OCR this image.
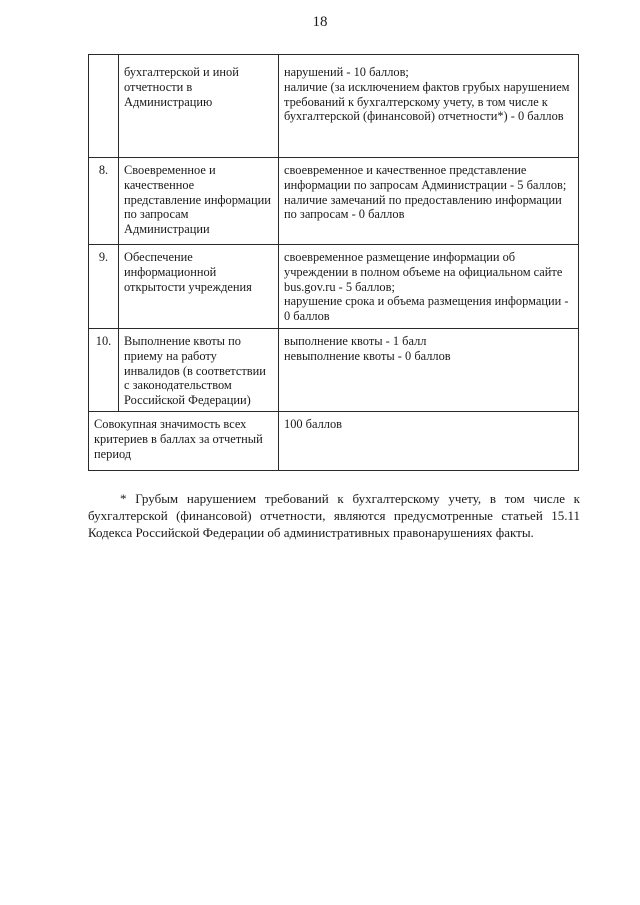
18
	бухгалтерской и иной
отчетности в
Администрацию	нарушений - 10 баллов;
наличие (за исключением фактов грубых нарушением требований к бухгалтерскому учету, в том числе к бухгалтерской (финансовой) отчетности*) - 0 баллов
8.	Своевременное и
качественное
представление информации
по запросам
Администрации	своевременное и качественное представление информации по запросам Администрации - 5 баллов;
наличие замечаний по предоставлению информации по запросам - 0 баллов
9.	Обеспечение
информационной
открытости учреждения	своевременное размещение информации об учреждении в полном объеме на официальном сайте bus.gov.ru - 5 баллов;
нарушение срока и объема размещения информации - 0 баллов
10.	Выполнение квоты по
приему на работу
инвалидов (в соответствии
с законодательством
Российской Федерации)	выполнение квоты - 1 балл
невыполнение квоты - 0 баллов
Совокупная значимость всех критериев в баллах за отчетный период		100 баллов

* Грубым нарушением требований к бухгалтерскому учету, в том числе к бухгалтерской (финансовой) отчетности, являются предусмотренные статьей 15.11 Кодекса Российской Федерации об административных правонарушениях факты.
